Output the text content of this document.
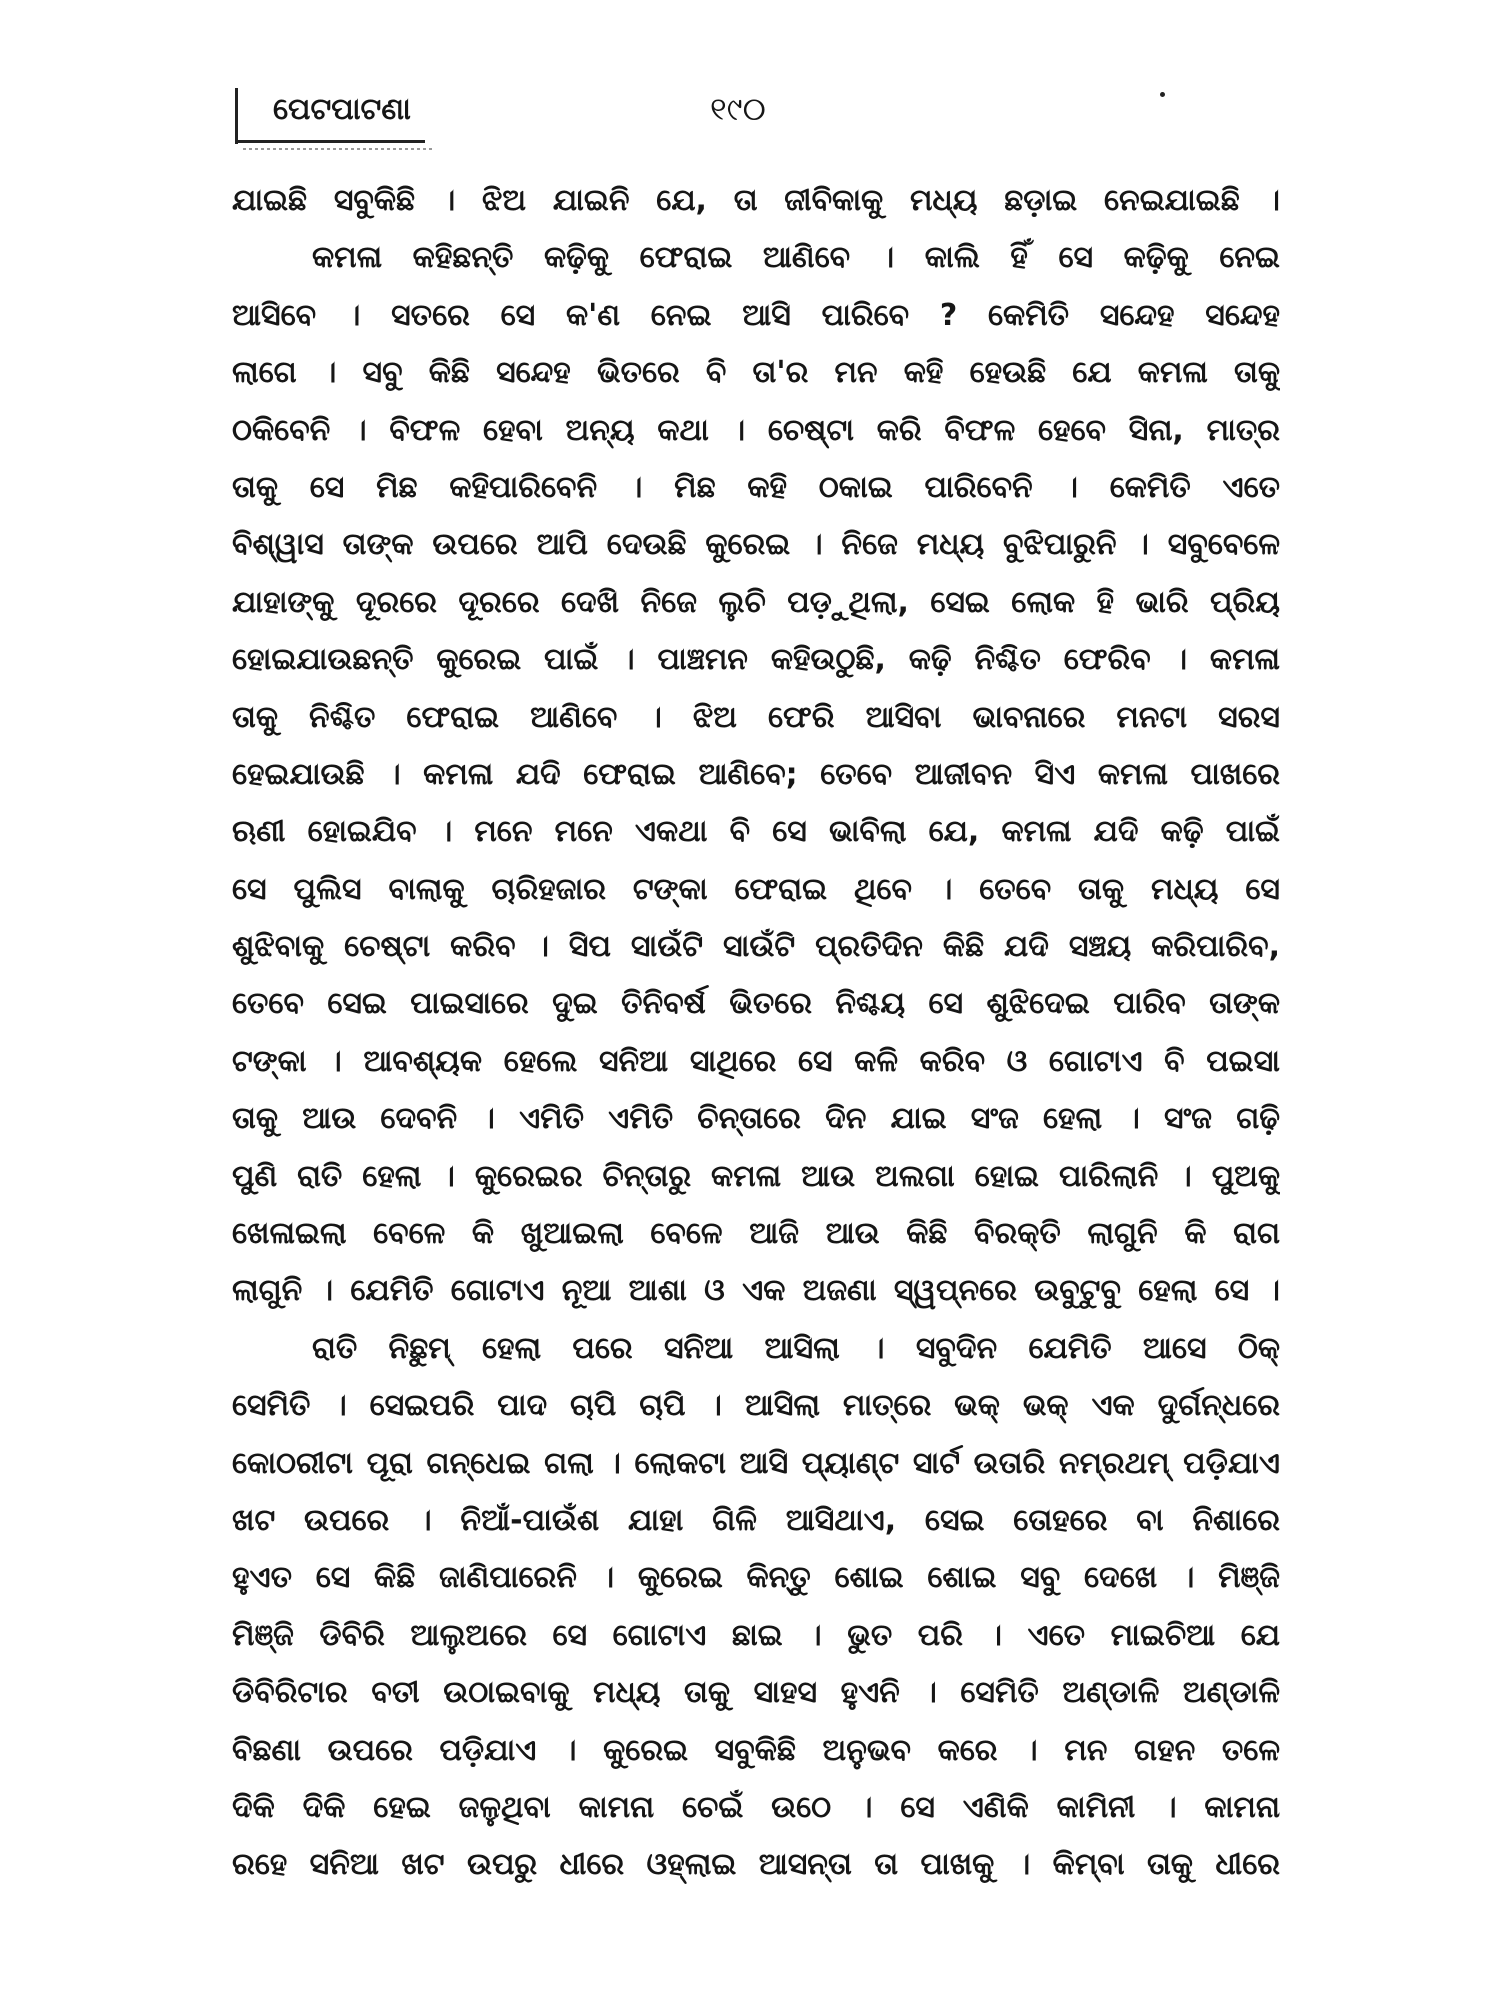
ପେଟପାଟଣା	୧୯୦
ଯାଇଛି ସବୁକିଛି । ଝିଅ ଯାଇନି ଯେ, ତା ଜୀବିକାକୁ ମଧ୍ୟ ଛଡ଼ାଇ ନେଇଯାଇଛି ।
କମଳା କହିଛନ୍ତି କଢ଼ିକୁ ଫେରାଇ ଆଣିବେ । କାଲି ହିଁ ସେ କଢ଼ିକୁ ନେଇ
ଆସିବେ । ସତରେ ସେ କ'ଣ ନେଇ ଆସି ପାରିବେ ? କେମିତି ସନ୍ଦେହ ସନ୍ଦେହ
ଲାଗେ । ସବୁ କିଛି ସନ୍ଦେହ ଭିତରେ ବି ତା'ର ମନ କହି ହେଉଛି ଯେ କମଳା ତାକୁ
ଠକିବେନି । ବିଫଳ ହେବା ଅନ୍ୟ କଥା । ଚେଷ୍ଟା କରି ବିଫଳ ହେବେ ସିନା, ମାତ୍ର
ତାକୁ ସେ ମିଛ କହିପାରିବେନି । ମିଛ କହି ଠକାଇ ପାରିବେନି । କେମିତି ଏତେ
ବିଶ୍ୱାସ ତାଙ୍କ ଉପରେ ଆପି ଦେଉଛି କୁରେଇ । ନିଜେ ମଧ୍ୟ ବୁଝିପାରୁନି । ସବୁବେଳେ
ଯାହାଙ୍କୁ ଦୂରରେ ଦୂରରେ ଦେଖି ନିଜେ ଲୁଚି ପଡ଼ୁଥିଲା, ସେଇ ଲୋକ ହି ଭାରି ପ୍ରିୟ
ହୋଇଯାଉଛନ୍ତି କୁରେଇ ପାଇଁ । ପାଞ୍ଚମନ କହିଉଠୁଛି, କଢ଼ି ନିଶ୍ଚିତ ଫେରିବ । କମଳା
ତାକୁ ନିଶ୍ଚିତ ଫେରାଇ ଆଣିବେ । ଝିଅ ଫେରି ଆସିବା ଭାବନାରେ ମନଟା ସରସ
ହେଇଯାଉଛି । କମଳା ଯଦି ଫେରାଇ ଆଣିବେ; ତେବେ ଆଜୀବନ ସିଏ କମଳା ପାଖରେ
ଋଣୀ ହୋଇଯିବ । ମନେ ମନେ ଏକଥା ବି ସେ ଭାବିଲା ଯେ, କମଳା ଯଦି କଢ଼ି ପାଇଁ
ସେ ପୁଲିସ ବାଲାକୁ ଚାରିହଜାର ଟଙ୍କା ଫେରାଇ ଥିବେ । ତେବେ ତାକୁ ମଧ୍ୟ ସେ
ଶୁଝିବାକୁ ଚେଷ୍ଟା କରିବ । ସିପ ସାଉଁଟି ସାଉଁଟି ପ୍ରତିଦିନ କିଛି ଯଦି ସଞ୍ଚୟ କରିପାରିବ,
ତେବେ ସେଇ ପାଇସାରେ ଦୁଇ ତିନିବର୍ଷ ଭିତରେ ନିଶ୍ଚୟ ସେ ଶୁଝିଦେଇ ପାରିବ ତାଙ୍କ
ଟଙ୍କା । ଆବଶ୍ୟକ ହେଲେ ସନିଆ ସାଥିରେ ସେ କଳି କରିବ ଓ ଗୋଟାଏ ବି ପଇସା
ତାକୁ ଆଉ ଦେବନି । ଏମିତି ଏମିତି ଚିନ୍ତାରେ ଦିନ ଯାଇ ସଂଜ ହେଲା । ସଂଜ ଗଢ଼ି
ପୁଣି ରାତି ହେଲା । କୁରେଇର ଚିନ୍ତାରୁ କମଳା ଆଉ ଅଲଗା ହୋଇ ପାରିଲାନି । ପୁଅକୁ
ଖେଳାଇଲା ବେଳେ କି ଖୁଆଇଲା ବେଳେ ଆଜି ଆଉ କିଛି ବିରକ୍ତି ଲାଗୁନି କି ରାଗ
ଲାଗୁନି । ଯେମିତି ଗୋଟାଏ ନୂଆ ଆଶା ଓ ଏକ ଅଜଣା ସ୍ୱପ୍ନରେ ଉବୁଟୁବୁ ହେଲା ସେ ।
ରାତି ନିଛୁମ୍ ହେଲା ପରେ ସନିଆ ଆସିଲା । ସବୁଦିନ ଯେମିତି ଆସେ ଠିକ୍
ସେମିତି । ସେଇପରି ପାଦ ଚାପି ଚାପି । ଆସିଲା ମାତ୍ରେ ଭକ୍ ଭକ୍ ଏକ ଦୁର୍ଗନ୍ଧରେ
କୋଠରୀଟା ପୂରା ଗନ୍ଧେଇ ଗଲା । ଲୋକଟା ଆସି ପ୍ୟାଣ୍ଟ ସାର୍ଟ ଉତାରି ନମ୍ରଥମ୍ ପଡ଼ିଯାଏ
ଖଟ ଉପରେ । ନିଆଁ-ପାଉଁଶ ଯାହା ଗିଳି ଆସିଥାଏ, ସେଇ ତୋହରେ ବା ନିଶାରେ
ହୁଏତ ସେ କିଛି ଜାଣିପାରେନି । କୁରେଇ କିନ୍ତୁ ଶୋଇ ଶୋଇ ସବୁ ଦେଖେ । ମିଞ୍ଜି
ମିଞ୍ଜି ଡିବିରି ଆଲୁଅରେ ସେ ଗୋଟାଏ ଛାଇ । ଭୁତ ପରି । ଏତେ ମାଇଚିଆ ଯେ
ଡିବିରିଟାର ବତୀ ଉଠାଇବାକୁ ମଧ୍ୟ ତାକୁ ସାହସ ହୁଏନି । ସେମିତି ଅଣ୍ଡାଳି ଅଣ୍ଡାଳି
ବିଛଣା ଉପରେ ପଡ଼ିଯାଏ । କୁରେଇ ସବୁକିଛି ଅନୁଭବ କରେ । ମନ ଗହନ ତଳେ
ଦିକି ଦିକି ହେଇ ଜଳୁଥିବା କାମନା ଚେଇଁ ଉଠେ । ସେ ଏଣିକି କାମିନୀ । କାମନା
ରହେ ସନିଆ ଖଟ ଉପରୁ ଧୀରେ ଓହ୍ଲାଇ ଆସନ୍ତା ତା ପାଖକୁ । କିମ୍ବା ତାକୁ ଧୀରେ
